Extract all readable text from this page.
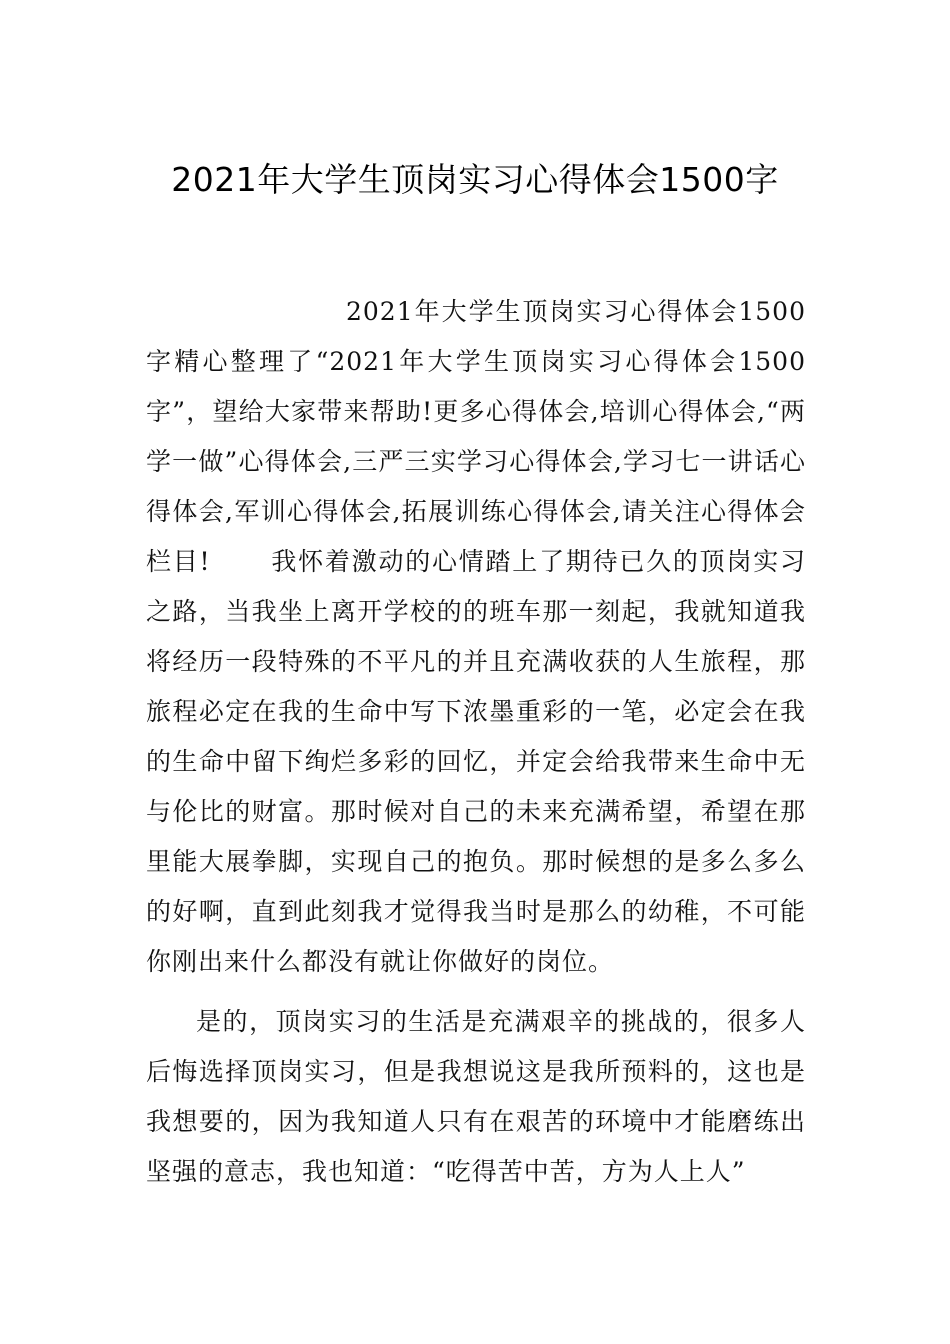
2021年大学生顶岗实习心得体会1500字

2021年大学生顶岗实习心得体会1500字精心整理了“2021年大学生顶岗实习心得体会1500字”，望给大家带来帮助!更多心得体会,培训心得体会,“两学一做”心得体会,三严三实学习心得体会,学习七一讲话心得体会,军训心得体会,拓展训练心得体会,请关注心得体会栏目! 我怀着激动的心情踏上了期待已久的顶岗实习之路，当我坐上离开学校的的班车那一刻起，我就知道我将经历一段特殊的不平凡的并且充满收获的人生旅程，那旅程必定在我的生命中写下浓墨重彩的一笔，必定会在我的生命中留下绚烂多彩的回忆，并定会给我带来生命中无与伦比的财富。那时候对自己的未来充满希望，希望在那里能大展拳脚，实现自己的抱负。那时候想的是多么多么的好啊，直到此刻我才觉得我当时是那么的幼稚，不可能你刚出来什么都没有就让你做好的岗位。

是的，顶岗实习的生活是充满艰辛的挑战的，很多人后悔选择顶岗实习，但是我想说这是我所预料的，这也是我想要的，因为我知道人只有在艰苦的环境中才能磨练出坚强的意志，我也知道：“吃得苦中苦，方为人上人”
